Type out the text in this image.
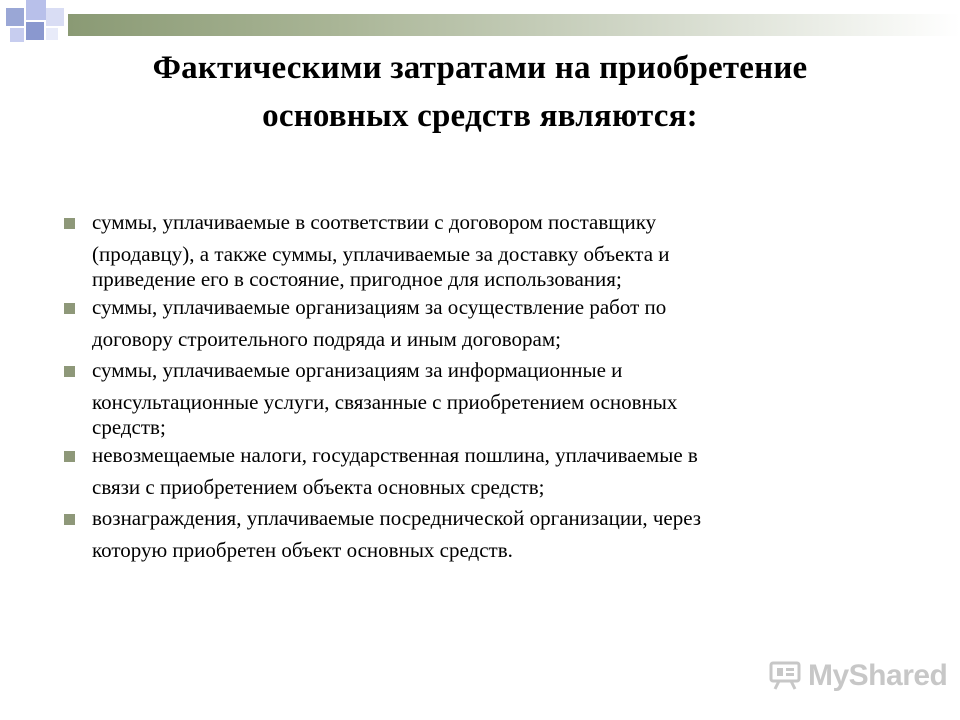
Фактическими затратами на приобретение
основных средств являются:
суммы, уплачиваемые в соответствии с договором поставщику
(продавцу), а также суммы, уплачиваемые за доставку объекта и
приведение его в состояние, пригодное для использования;
суммы, уплачиваемые организациям за осуществление работ по
договору строительного подряда и иным договорам;
суммы, уплачиваемые организациям за информационные и
консультационные услуги, связанные с приобретением основных
средств;
невозмещаемые налоги, государственная пошлина, уплачиваемые в
связи с приобретением объекта основных средств;
вознаграждения, уплачиваемые посреднической организации, через
которую приобретен объект основных средств.
MyShared
